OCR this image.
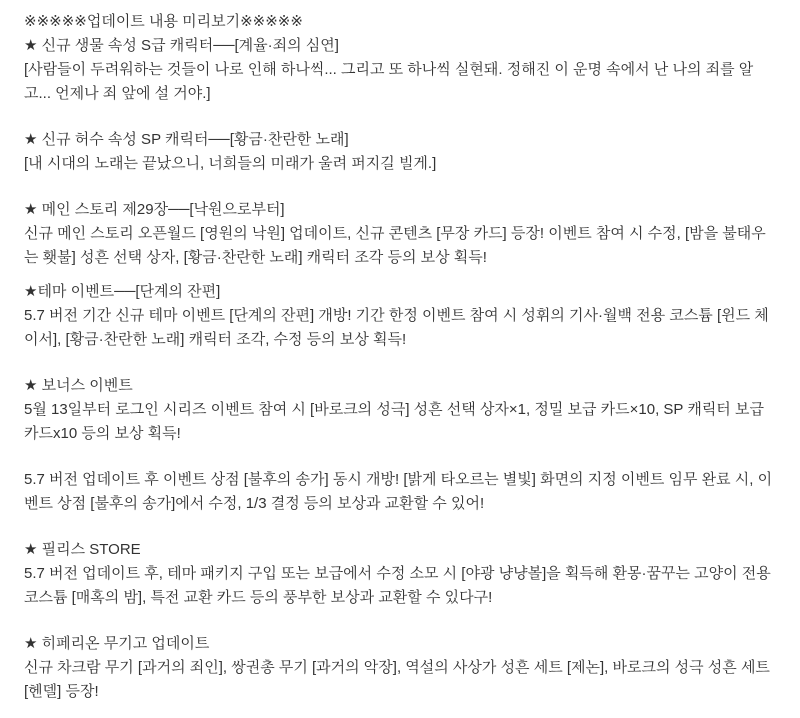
※※※※※업데이트 내용 미리보기※※※※※

★ 신규 생물 속성 S급 캐릭터──[계율·죄의 심연]

[사람들이 두려워하는 것들이 나로 인해 하나씩... 그리고 또 하나씩 실현돼. 정해진 이 운명 속에서 난 나의 죄를 알고... 언제나 죄 앞에 설 거야.]

★ 신규 허수 속성 SP 캐릭터──[황금·찬란한 노래]

[내 시대의 노래는 끝났으니, 너희들의 미래가 울려 퍼지길 빌게.]

★ 메인 스토리 제29장──[낙원으로부터]

신규 메인 스토리 오픈월드 [영원의 낙원] 업데이트, 신규 콘텐츠 [무장 카드] 등장! 이벤트 참여 시 수정, [밤을 불태우는 횃불] 성흔 선택 상자, [황금·찬란한 노래] 캐릭터 조각 등의 보상 획득!

★테마 이벤트──[단계의 잔편]

5.7 버전 기간 신규 테마 이벤트 [단계의 잔편] 개방! 기간 한정 이벤트 참여 시 성휘의 기사·월백 전용 코스튬 [윈드 체이서], [황금·찬란한 노래] 캐릭터 조각, 수정 등의 보상 획득!

★ 보너스 이벤트

5월 13일부터 로그인 시리즈 이벤트 참여 시 [바로크의 성극] 성흔 선택 상자×1, 정밀 보급 카드×10, SP 캐릭터 보급 카드x10 등의 보상 획득!

5.7 버전 업데이트 후 이벤트 상점 [불후의 송가] 동시 개방! [밝게 타오르는 별빛] 화면의 지정 이벤트 임무 완료 시, 이벤트 상점 [불후의 송가]에서 수정, 1/3 결정 등의 보상과 교환할 수 있어!

★ 필리스 STORE

5.7 버전 업데이트 후, 테마 패키지 구입 또는 보급에서 수정 소모 시 [야광 냥냥볼]을 획득해 환몽·꿈꾸는 고양이 전용 코스튬 [매혹의 밤], 특전 교환 카드 등의 풍부한 보상과 교환할 수 있다구!

★ 히페리온 무기고 업데이트

신규 차크람 무기 [과거의 죄인], 쌍권총 무기 [과거의 악장], 역설의 사상가 성흔 세트 [제논], 바로크의 성극 성흔 세트 [헨델] 등장!
